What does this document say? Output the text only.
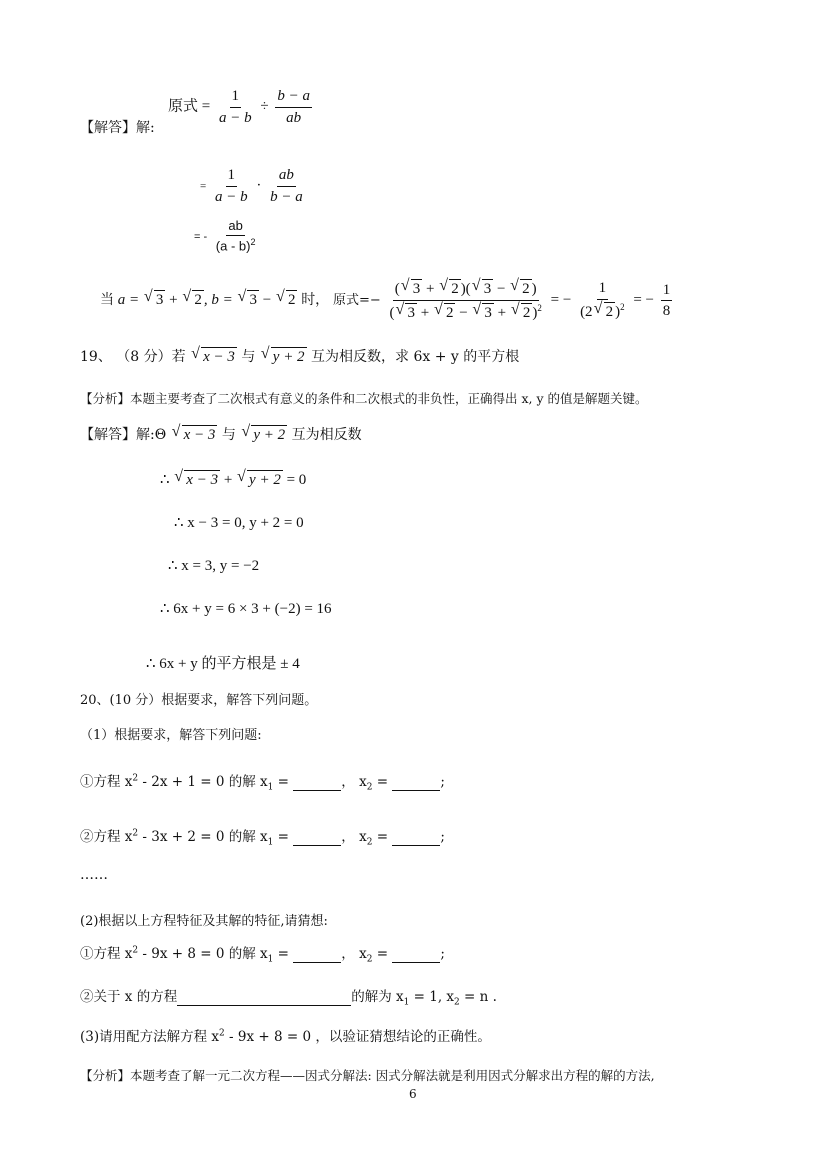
【解答】解:
原式 = $\frac{1}{a - b} \div \frac{b - a}{ab}$
= $\frac{1}{a - b} \cdot \frac{ab}{b - a}$
= - $\frac{ab}{(a - b)^2}$
当 a = √ 3 + √ 2 , b = √ 3 − √ 2 时， 原式=− $\frac{( √ 3 + √ 2 )( √ 3 - √ 2 )}{( √ 3 + √ 2 - √ 3 + √ 2 )^2}$ = − $\frac{1}{(2 √ 2 )^2}$ = − $\frac{1}{8}$
19、 （8 分）若 √ x − 3 与 √ y + 2 互为相反数，求 6x + y 的平方根
【分析】本题主要考查了二次根式有意义的条件和二次根式的非负性，正确得出 x, y 的值是解题关键。
【解答】解:Θ √ x − 3 与 √ y + 2 互为相反数
∴ √ x − 3 + √ y + 2 = 0
∴ x − 3 = 0, y + 2 = 0
∴ x = 3, y = −2
∴ 6x + y = 6 × 3 + (−2) = 16
∴ 6x + y 的平方根是 ± 4
20、(10 分）根据要求，解答下列问题。
（1）根据要求，解答下列问题:
①方程 $x^2 - 2x + 1 = 0$ 的解 $x_1$ =	， $x_2$ =	;
②方程 $x^2 - 3x + 2 = 0$ 的解 $x_1$ =	， $x_2$ =	;
……
(2)根据以上方程特征及其解的特征,请猜想:
①方程 $x^2 - 9x + 8 = 0$ 的解 $x_1$ =	， $x_2$ =	;
②关于 x 的方程	的解为 $x_1 = 1$, $x_2 = n$ .
(3)请用配方法解方程 $x^2 - 9x + 8 = 0$ ，以验证猜想结论的正确性。
【分析】本题考查了解一元二次方程——因式分解法: 因式分解法就是利用因式分解求出方程的解的方法,
6
